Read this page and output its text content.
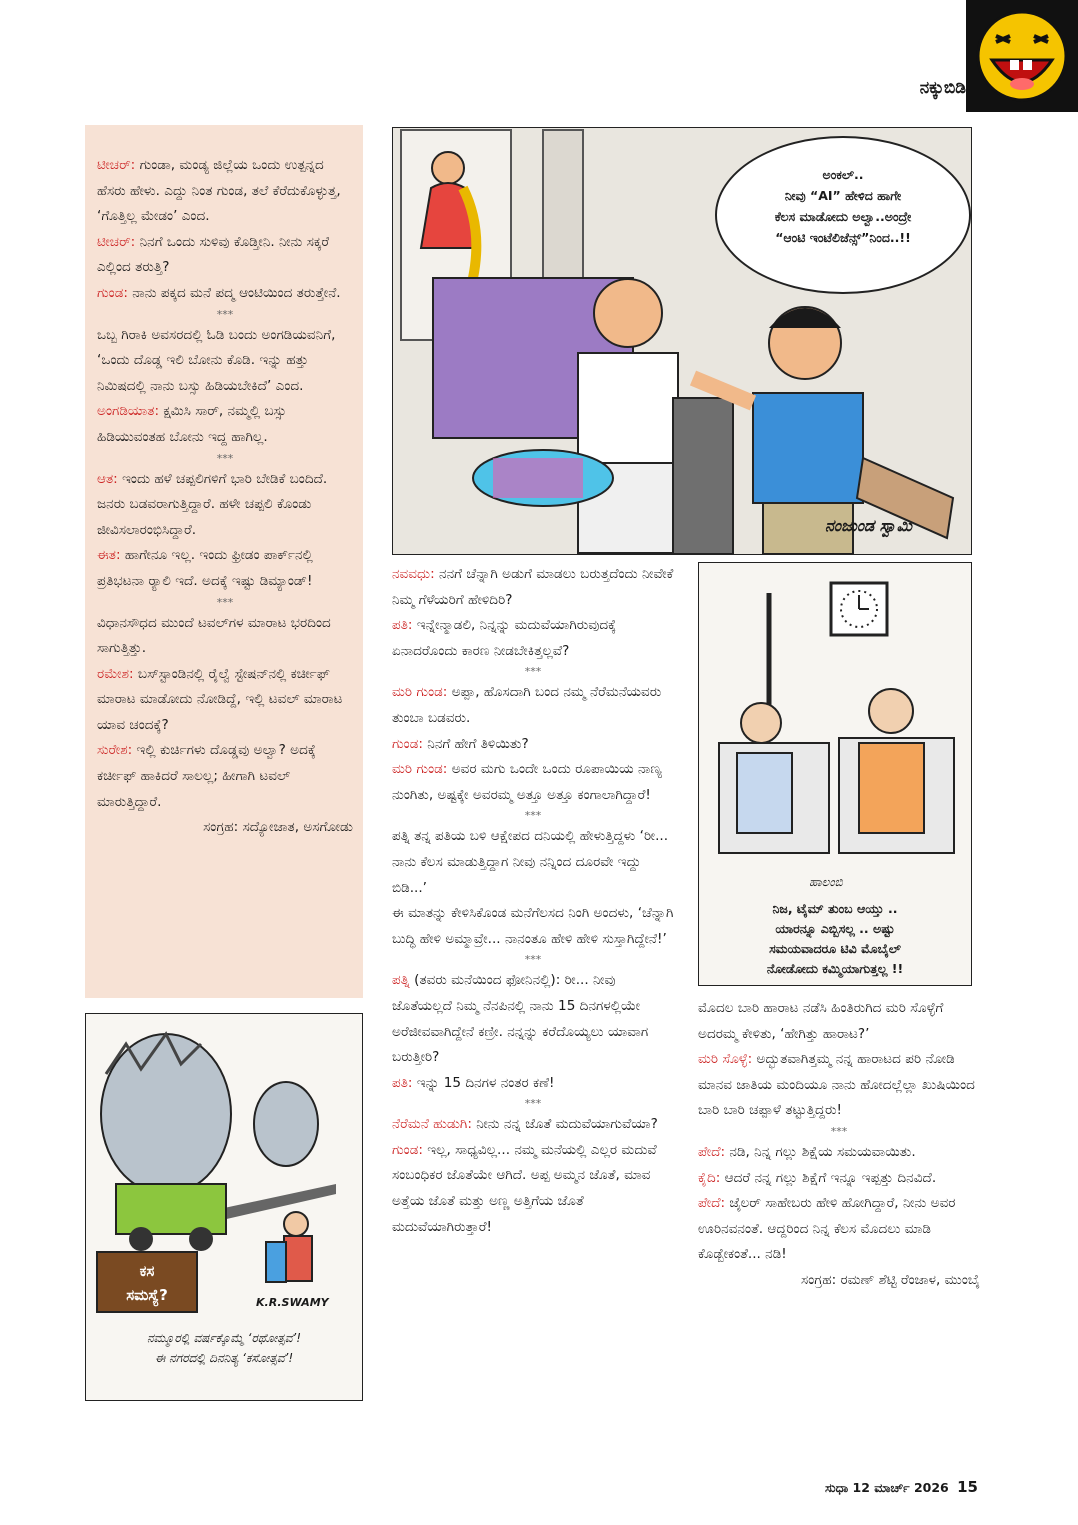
ನಕ್ಕುಬಿಡಿ
ಟೀಚರ್: ಗುಂಡಾ, ಮಂಡ್ಯ ಜಿಲ್ಲೆಯ ಒಂದು ಉತ್ಪನ್ನದ ಹೆಸರು ಹೇಳು. ಎದ್ದು ನಿಂತ ಗುಂಡ, ತಲೆ ಕೆರೆದುಕೊಳ್ಳುತ್ತ, ‘ಗೊತ್ತಿಲ್ಲ ಮೇಡಂ’ ಎಂದ.
ಟೀಚರ್: ನಿನಗೆ ಒಂದು ಸುಳಿವು ಕೊಡ್ತೀನಿ. ನೀನು ಸಕ್ಕರೆ ಎಲ್ಲಿಂದ ತರುತ್ತಿ?
ಗುಂಡ: ನಾನು ಪಕ್ಕದ ಮನೆ ಪದ್ಮ ಆಂಟಿಯಿಂದ ತರುತ್ತೇನೆ.
***
ಒಬ್ಬ ಗಿರಾಕಿ ಅವಸರದಲ್ಲಿ ಓಡಿ ಬಂದು ಅಂಗಡಿಯವನಿಗೆ, ‘ಒಂದು ದೊಡ್ಡ ಇಲಿ ಬೋನು ಕೊಡಿ. ಇನ್ನು ಹತ್ತು ನಿಮಿಷದಲ್ಲಿ ನಾನು ಬಸ್ಸು ಹಿಡಿಯಬೇಕಿದೆ’ ಎಂದ.
ಅಂಗಡಿಯಾತ: ಕ್ಷಮಿಸಿ ಸಾರ್, ನಮ್ಮಲ್ಲಿ ಬಸ್ಸು ಹಿಡಿಯುವಂತಹ ಬೋನು ಇದ್ದ ಹಾಗಿಲ್ಲ.
***
ಆತ: ಇಂದು ಹಳೆ ಚಪ್ಪಲಿಗಳಿಗೆ ಭಾರಿ ಬೇಡಿಕೆ ಬಂದಿದೆ. ಜನರು ಬಡವರಾಗುತ್ತಿದ್ದಾರೆ. ಹಳೇ ಚಪ್ಪಲಿ ಕೊಂಡು ಜೀವಿಸಲಾರಂಭಿಸಿದ್ದಾರೆ.
ಈತ: ಹಾಗೇನೂ ಇಲ್ಲ. ಇಂದು ಫ್ರೀಡಂ ಪಾರ್ಕ್‌ನಲ್ಲಿ ಪ್ರತಿಭಟನಾ ರ‍್ಯಾಲಿ ಇದೆ. ಅದಕ್ಕೆ ಇಷ್ಟು ಡಿಮ್ಯಾಂಡ್!
***
ವಿಧಾನಸೌಧದ ಮುಂದೆ ಟವಲ್‌ಗಳ ಮಾರಾಟ ಭರದಿಂದ ಸಾಗುತ್ತಿತ್ತು.
ರಮೇಶ: ಬಸ್‌ಸ್ಟಾಂಡಿನಲ್ಲಿ ರೈಲ್ವೆ ಸ್ಟೇಷನ್‌ನಲ್ಲಿ ಕರ್ಚೀಫ್ ಮಾರಾಟ ಮಾಡೋದು ನೋಡಿದ್ದೆ, ಇಲ್ಲಿ ಟವಲ್ ಮಾರಾಟ ಯಾವ ಚಂದಕ್ಕೆ?
ಸುರೇಶ: ಇಲ್ಲಿ ಕುರ್ಚಿಗಳು ದೊಡ್ಡವು ಅಲ್ವಾ? ಅದಕ್ಕೆ ಕರ್ಚೀಫ್ ಹಾಕಿದರೆ ಸಾಲಲ್ಲ; ಹೀಗಾಗಿ ಟವಲ್ ಮಾರುತ್ತಿದ್ದಾರೆ.
ಸಂಗ್ರಹ: ಸದ್ಯೋಜಾತ, ಅಸಗೋಡು
ಅಂಕಲ್..
ನೀವು “AI” ಹೇಳಿದ ಹಾಗೇ
ಕೆಲಸ ಮಾಡೋದು ಅಲ್ವಾ..ಅಂದ್ರೇ
“ಆಂಟಿ ಇಂಟೆಲಿಜೆನ್ಸ್”ನಿಂದ..!!
ನಂಜುಂಡ ಸ್ವಾಮಿ
ನವವಧು: ನನಗೆ ಚೆನ್ನಾಗಿ ಅಡುಗೆ ಮಾಡಲು ಬರುತ್ತದೆಂದು ನೀವೇಕೆ ನಿಮ್ಮ ಗೆಳೆಯರಿಗೆ ಹೇಳಿದಿರಿ?
ಪತಿ: ಇನ್ನೇನ್ಮಾಡಲಿ, ನಿನ್ನನ್ನು ಮದುವೆಯಾಗಿರುವುದಕ್ಕೆ ಏನಾದರೊಂದು ಕಾರಣ ನೀಡಬೇಕಿತ್ತಲ್ಲವೆ?
***
ಮರಿ ಗುಂಡ: ಅಪ್ಪಾ, ಹೊಸದಾಗಿ ಬಂದ ನಮ್ಮ ನೆರೆಮನೆಯವರು ತುಂಬಾ ಬಡವರು.
ಗುಂಡ: ನಿನಗೆ ಹೇಗೆ ತಿಳಿಯಿತು?
ಮರಿ ಗುಂಡ: ಅವರ ಮಗು ಒಂದೇ ಒಂದು ರೂಪಾಯಿಯ ನಾಣ್ಯ ನುಂಗಿತು, ಅಷ್ಟಕ್ಕೇ ಅವರಮ್ಮ ಅತ್ತೂ ಅತ್ತೂ ಕಂಗಾಲಾಗಿದ್ದಾರೆ!
***
ಪತ್ನಿ ತನ್ನ ಪತಿಯ ಬಳಿ ಆಕ್ಷೇಪದ ದನಿಯಲ್ಲಿ ಹೇಳುತ್ತಿದ್ದಳು ‘ರೀ... ನಾನು ಕೆಲಸ ಮಾಡುತ್ತಿದ್ದಾಗ ನೀವು ನನ್ನಿಂದ ದೂರವೇ ಇದ್ದು ಬಿಡಿ...’
ಈ ಮಾತನ್ನು ಕೇಳಿಸಿಕೊಂಡ ಮನೆಗೆಲಸದ ನಿಂಗಿ ಅಂದಳು, ‘ಚೆನ್ನಾಗಿ ಬುದ್ಧಿ ಹೇಳಿ ಅಮ್ಮಾವ್ರೇ... ನಾನಂತೂ ಹೇಳಿ ಹೇಳಿ ಸುಸ್ತಾಗಿದ್ದೇನೆ!’
***
ಪತ್ನಿ (ತವರು ಮನೆಯಿಂದ ಫೋನಿನಲ್ಲಿ): ರೀ... ನೀವು ಜೊತೆಯಲ್ಲದೆ ನಿಮ್ಮ ನೆನಪಿನಲ್ಲಿ ನಾನು 15 ದಿನಗಳಲ್ಲಿಯೇ ಅರೆಜೀವವಾಗಿದ್ದೇನೆ ಕಣ್ರೀ. ನನ್ನನ್ನು ಕರೆದೊಯ್ಯಲು ಯಾವಾಗ ಬರುತ್ತೀರಿ?
ಪತಿ: ಇನ್ನು 15 ದಿನಗಳ ನಂತರ ಕಣೆ!
***
ನೆರೆಮನೆ ಹುಡುಗಿ: ನೀನು ನನ್ನ ಜೊತೆ ಮದುವೆಯಾಗುವೆಯಾ?
ಗುಂಡ: ಇಲ್ಲ, ಸಾಧ್ಯವಿಲ್ಲ... ನಮ್ಮ ಮನೆಯಲ್ಲಿ ಎಲ್ಲರ ಮದುವೆ ಸಂಬಂಧಿಕರ ಜೊತೆಯೇ ಆಗಿದೆ. ಅಪ್ಪ ಅಮ್ಮನ ಜೊತೆ, ಮಾವ ಅತ್ತೆಯ ಜೊತೆ ಮತ್ತು ಅಣ್ಣ ಅತ್ತಿಗೆಯ ಜೊತೆ ಮದುವೆಯಾಗಿರುತ್ತಾರೆ!
ಹಾಲಂಬಿ
ನಿಜ, ಟೈಮ್ ತುಂಬ ಆಯ್ತು ..
ಯಾರನ್ನೂ ಎಬ್ಬಿಸಲ್ಲ .. ಅಷ್ಟು
ಸಮಯವಾದರೂ ಟಿವಿ ಮೊಬೈಲ್
ನೋಡೋದು ಕಮ್ಮಿಯಾಗುತ್ತಲ್ಲ !!
ಮೊದಲ ಬಾರಿ ಹಾರಾಟ ನಡೆಸಿ ಹಿಂತಿರುಗಿದ ಮರಿ ಸೊಳ್ಳೆಗೆ ಅದರಮ್ಮ ಕೇಳಿತು, ‘ಹೇಗಿತ್ತು ಹಾರಾಟ?’
ಮರಿ ಸೊಳ್ಳೆ: ಅದ್ಭುತವಾಗಿತ್ತಮ್ಮ ನನ್ನ ಹಾರಾಟದ ಪರಿ ನೋಡಿ ಮಾನವ ಜಾತಿಯ ಮಂದಿಯೂ ನಾನು ಹೋದಲ್ಲೆಲ್ಲಾ ಖುಷಿಯಿಂದ ಬಾರಿ ಬಾರಿ ಚಪ್ಪಾಳೆ ತಟ್ಟುತ್ತಿದ್ದರು!
***
ಪೇದೆ: ನಡಿ, ನಿನ್ನ ಗಲ್ಲು ಶಿಕ್ಷೆಯ ಸಮಯವಾಯಿತು.
ಕೈದಿ: ಆದರೆ ನನ್ನ ಗಲ್ಲು ಶಿಕ್ಷೆಗೆ ಇನ್ನೂ ಇಪ್ಪತ್ತು ದಿನವಿದೆ.
ಪೇದೆ: ಜೈಲರ್ ಸಾಹೇಬರು ಹೇಳಿ ಹೋಗಿದ್ದಾರೆ, ನೀನು ಅವರ ಊರಿನವನಂತೆ. ಆದ್ದರಿಂದ ನಿನ್ನ ಕೆಲಸ ಮೊದಲು ಮಾಡಿ ಕೊಡ್ಬೇಕಂತೆ... ನಡಿ!
ಸಂಗ್ರಹ: ರಮಣ್ ಶೆಟ್ಟಿ ರೆಂಜಾಳ, ಮುಂಬೈ
ಕಸ
ಸಮಸ್ಯೆ?	K.R.SWAMY
ನಮ್ಮೂರಲ್ಲಿ ವರ್ಷಕ್ಕೊಮ್ಮೆ ‘ರಥೋತ್ಸವ’!
ಈ ನಗರದಲ್ಲಿ ದಿನನಿತ್ಯ ‘ಕಸೋತ್ಸವ’!
ಸುಧಾ 12 ಮಾರ್ಚ್ 2026 15
